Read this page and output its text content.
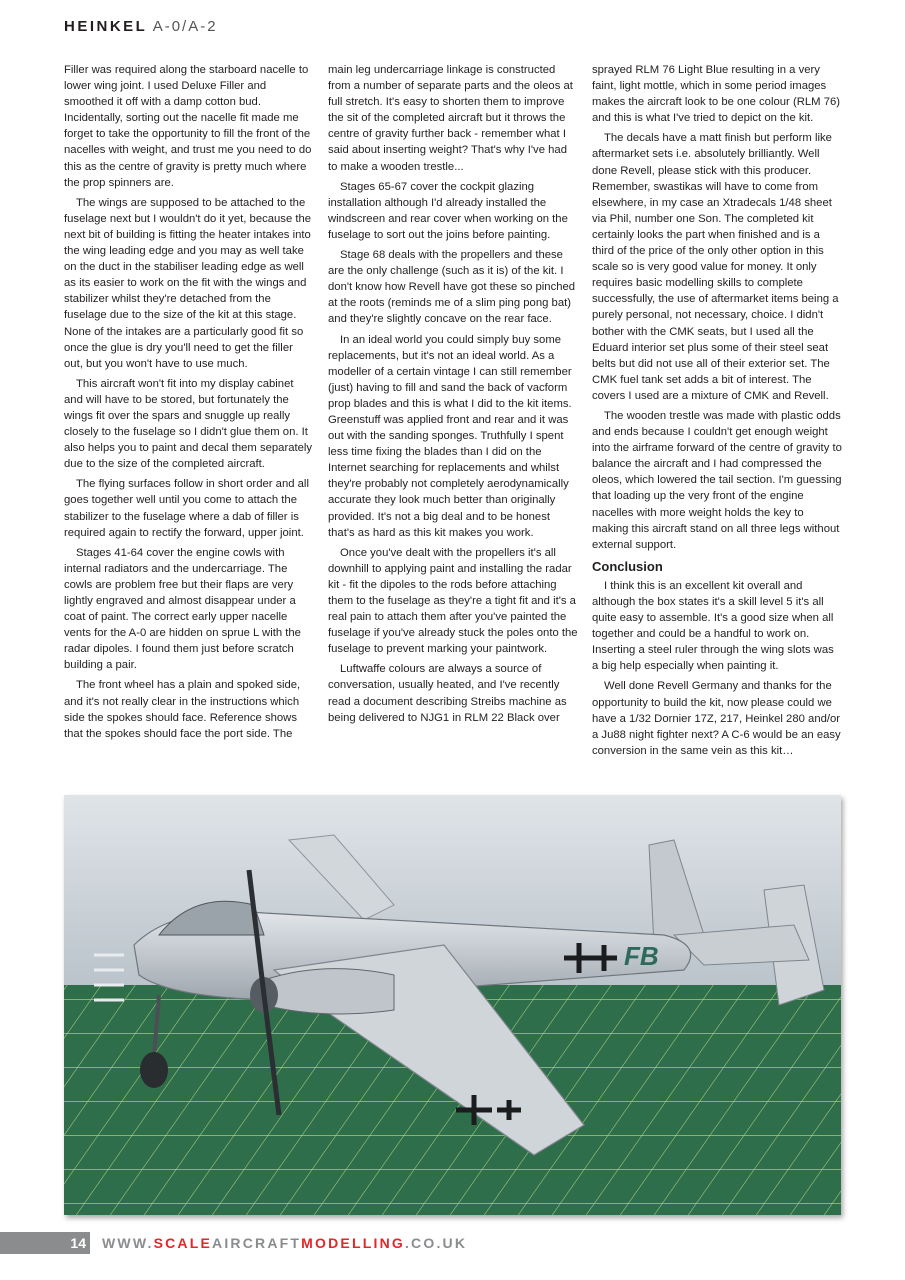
HEINKEL A-0/A-2

Filler was required along the starboard nacelle to lower wing joint. I used Deluxe Filler and smoothed it off with a damp cotton bud. Incidentally, sorting out the nacelle fit made me forget to take the opportunity to fill the front of the nacelles with weight, and trust me you need to do this as the centre of gravity is pretty much where the prop spinners are.

The wings are supposed to be attached to the fuselage next but I wouldn't do it yet, because the next bit of building is fitting the heater intakes into the wing leading edge and you may as well take on the duct in the stabiliser leading edge as well as its easier to work on the fit with the wings and stabilizer whilst they're detached from the fuselage due to the size of the kit at this stage. None of the intakes are a particularly good fit so once the glue is dry you'll need to get the filler out, but you won't have to use much.

This aircraft won't fit into my display cabinet and will have to be stored, but fortunately the wings fit over the spars and snuggle up really closely to the fuselage so I didn't glue them on. It also helps you to paint and decal them separately due to the size of the completed aircraft.

The flying surfaces follow in short order and all goes together well until you come to attach the stabilizer to the fuselage where a dab of filler is required again to rectify the forward, upper joint.

Stages 41-64 cover the engine cowls with internal radiators and the undercarriage. The cowls are problem free but their flaps are very lightly engraved and almost disappear under a coat of paint. The correct early upper nacelle vents for the A-0 are hidden on sprue L with the radar dipoles. I found them just before scratch building a pair.

The front wheel has a plain and spoked side, and it's not really clear in the instructions which side the spokes should face. Reference shows that the spokes should face the port side. The

main leg undercarriage linkage is constructed from a number of separate parts and the oleos at full stretch. It's easy to shorten them to improve the sit of the completed aircraft but it throws the centre of gravity further back - remember what I said about inserting weight? That's why I've had to make a wooden trestle...

Stages 65-67 cover the cockpit glazing installation although I'd already installed the windscreen and rear cover when working on the fuselage to sort out the joins before painting.

Stage 68 deals with the propellers and these are the only challenge (such as it is) of the kit. I don't know how Revell have got these so pinched at the roots (reminds me of a slim ping pong bat) and they're slightly concave on the rear face.

In an ideal world you could simply buy some replacements, but it's not an ideal world. As a modeller of a certain vintage I can still remember (just) having to fill and sand the back of vacform prop blades and this is what I did to the kit items. Greenstuff was applied front and rear and it was out with the sanding sponges. Truthfully I spent less time fixing the blades than I did on the Internet searching for replacements and whilst they're probably not completely aerodynamically accurate they look much better than originally provided. It's not a big deal and to be honest that's as hard as this kit makes you work.

Once you've dealt with the propellers it's all downhill to applying paint and installing the radar kit - fit the dipoles to the rods before attaching them to the fuselage as they're a tight fit and it's a real pain to attach them after you've painted the fuselage if you've already stuck the poles onto the fuselage to prevent marking your paintwork.

Luftwaffe colours are always a source of conversation, usually heated, and I've recently read a document describing Streibs machine as being delivered to NJG1 in RLM 22 Black over

sprayed RLM 76 Light Blue resulting in a very faint, light mottle, which in some period images makes the aircraft look to be one colour (RLM 76) and this is what I've tried to depict on the kit.

The decals have a matt finish but perform like aftermarket sets i.e. absolutely brilliantly. Well done Revell, please stick with this producer. Remember, swastikas will have to come from elsewhere, in my case an Xtradecals 1/48 sheet via Phil, number one Son. The completed kit certainly looks the part when finished and is a third of the price of the only other option in this scale so is very good value for money. It only requires basic modelling skills to complete successfully, the use of aftermarket items being a purely personal, not necessary, choice. I didn't bother with the CMK seats, but I used all the Eduard interior set plus some of their steel seat belts but did not use all of their exterior set. The CMK fuel tank set adds a bit of interest. The covers I used are a mixture of CMK and Revell.

The wooden trestle was made with plastic odds and ends because I couldn't get enough weight into the airframe forward of the centre of gravity to balance the aircraft and I had compressed the oleos, which lowered the tail section. I'm guessing that loading up the very front of the engine nacelles with more weight holds the key to making this aircraft stand on all three legs without external support.

Conclusion

I think this is an excellent kit overall and although the box states it's a skill level 5 it's all quite easy to assemble. It's a good size when all together and could be a handful to work on. Inserting a steel ruler through the wing slots was a big help especially when painting it.

Well done Revell Germany and thanks for the opportunity to build the kit, now please could we have a 1/32 Dornier 17Z, 217, Heinkel 280 and/or a Ju88 night fighter next? A C-6 would be an easy conversion in the same vein as this kit…

FB
14 WWW.SCALEAIRCRAFTMODELLING.CO.UK
